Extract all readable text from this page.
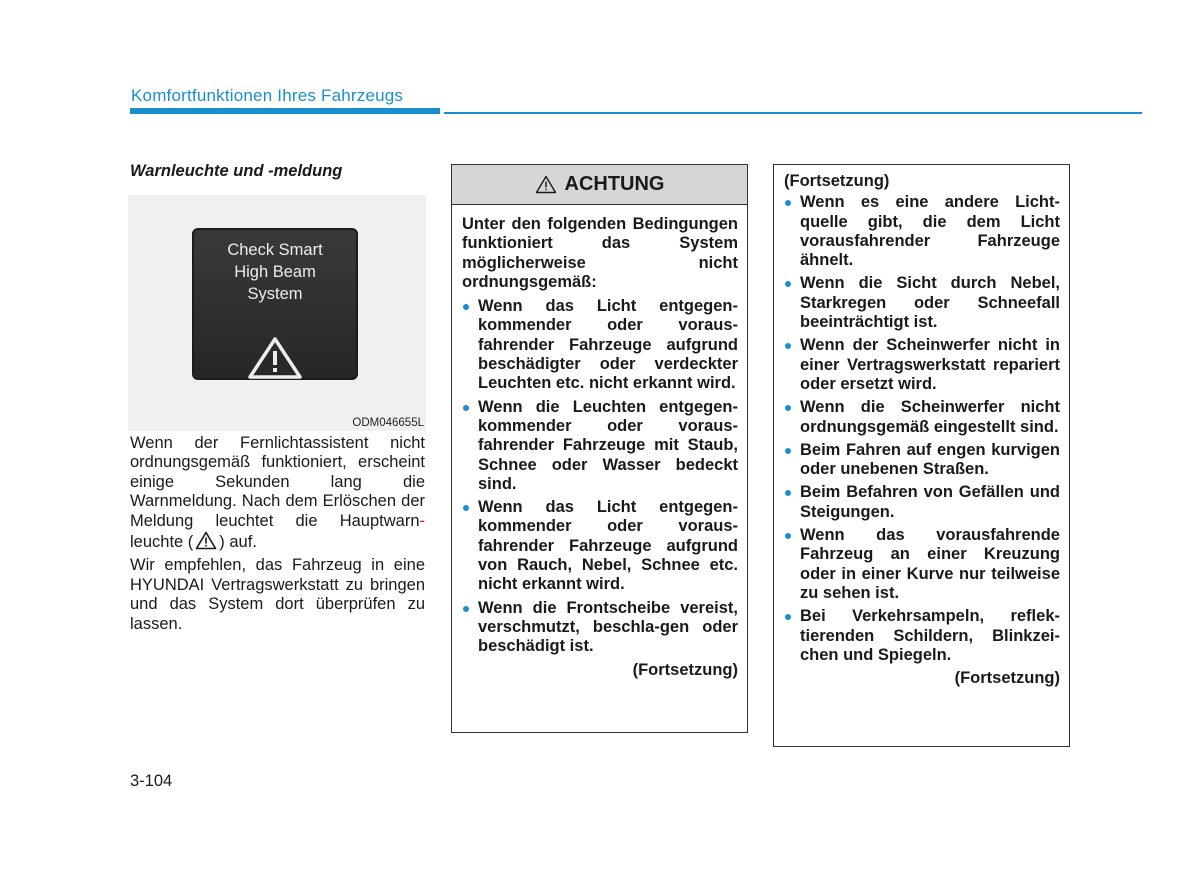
Komfortfunktionen Ihres Fahrzeugs
Warnleuchte und -meldung
Check Smart
High Beam
System
ODM046655L

Wenn der Fernlichtassistent nicht ordnungsgemäß funktioniert, erscheint einige Sekunden lang die Warnmeldung. Nach dem Erlöschen der Meldung leuchtet die Hauptwarn- leuchte ( ) auf.

Wir empfehlen, das Fahrzeug in eine HYUNDAI Vertragswerkstatt zu bringen und das System dort überprüfen zu lassen.

ACHTUNG

Unter den folgenden Bedingungen funktioniert das System möglicherweise nicht ordnungsgemäß:

Wenn das Licht entgegen-kommender oder voraus-fahrender Fahrzeuge aufgrund beschädigter oder verdeckter Leuchten etc. nicht erkannt wird.
Wenn die Leuchten entgegen-kommender oder voraus-fahrender Fahrzeuge mit Staub, Schnee oder Wasser bedeckt sind.
Wenn das Licht entgegen-kommender oder voraus-fahrender Fahrzeuge aufgrund von Rauch, Nebel, Schnee etc. nicht erkannt wird.
Wenn die Frontscheibe vereist, verschmutzt, beschla-gen oder beschädigt ist.

(Fortsetzung)

(Fortsetzung)

Wenn es eine andere Licht-quelle gibt, die dem Licht vorausfahrender Fahrzeuge ähnelt.
Wenn die Sicht durch Nebel, Starkregen oder Schneefall beeinträchtigt ist.
Wenn der Scheinwerfer nicht in einer Vertragswerkstatt repariert oder ersetzt wird.
Wenn die Scheinwerfer nicht ordnungsgemäß eingestellt sind.
Beim Fahren auf engen kurvigen oder unebenen Straßen.
Beim Befahren von Gefällen und Steigungen.
Wenn das vorausfahrende Fahrzeug an einer Kreuzung oder in einer Kurve nur teilweise zu sehen ist.
Bei Verkehrsampeln, reflek-tierenden Schildern, Blinkzei-chen und Spiegeln.

(Fortsetzung)

3-104
